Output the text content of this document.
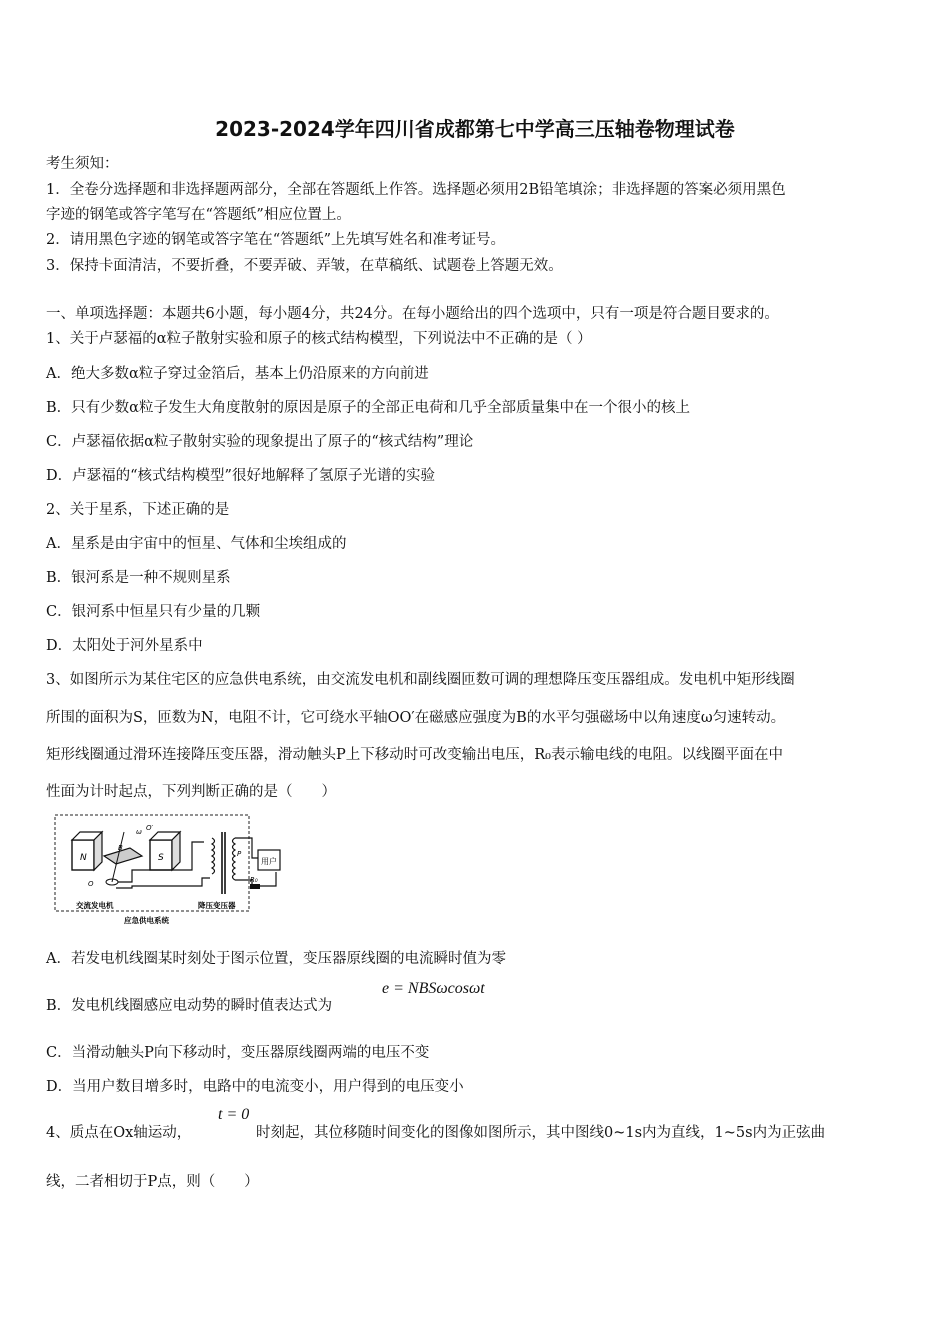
2023-2024学年四川省成都第七中学高三压轴卷物理试卷
考生须知：
1．全卷分选择题和非选择题两部分，全部在答题纸上作答。选择题必须用2B铅笔填涂；非选择题的答案必须用黑色
字迹的钢笔或答字笔写在“答题纸”相应位置上。
2．请用黑色字迹的钢笔或答字笔在“答题纸”上先填写姓名和准考证号。
3．保持卡面清洁，不要折叠，不要弄破、弄皱，在草稿纸、试题卷上答题无效。
一、单项选择题：本题共6小题，每小题4分，共24分。在每小题给出的四个选项中，只有一项是符合题目要求的。
1、关于卢瑟福的α粒子散射实验和原子的核式结构模型，下列说法中不正确的是（ ）
A．绝大多数α粒子穿过金箔后，基本上仍沿原来的方向前进
B．只有少数α粒子发生大角度散射的原因是原子的全部正电荷和几乎全部质量集中在一个很小的核上
C．卢瑟福依据α粒子散射实验的现象提出了原子的“核式结构”理论
D．卢瑟福的“核式结构模型”很好地解释了氢原子光谱的实验
2、关于星系，下述正确的是
A．星系是由宇宙中的恒星、气体和尘埃组成的
B．银河系是一种不规则星系
C．银河系中恒星只有少量的几颗
D．太阳处于河外星系中
3、如图所示为某住宅区的应急供电系统，由交流发电机和副线圈匝数可调的理想降压变压器组成。发电机中矩形线圈
所围的面积为S，匝数为N，电阻不计，它可绕水平轴OO′在磁感应强度为B的水平匀强磁场中以角速度ω匀速转动。
矩形线圈通过滑环连接降压变压器，滑动触头P上下移动时可改变输出电压，R₀表示输电线的电阻。以线圈平面在中
性面为计时起点，下列判断正确的是（　　）
N	S
B
O′
ω
O
P
用户
R₀
交流发电机	降压变压器
应急供电系统
A．若发电机线圈某时刻处于图示位置，变压器原线圈的电流瞬时值为零
B．发电机线圈感应电动势的瞬时值表达式为
e = NBSωcosωt
C．当滑动触头P向下移动时，变压器原线圈两端的电压不变
D．当用户数目增多时，电路中的电流变小，用户得到的电压变小
4、质点在Ox轴运动，
t = 0
时刻起，其位移随时间变化的图像如图所示，其中图线0~1s内为直线，1~5s内为正弦曲
线，二者相切于P点，则（　　）
